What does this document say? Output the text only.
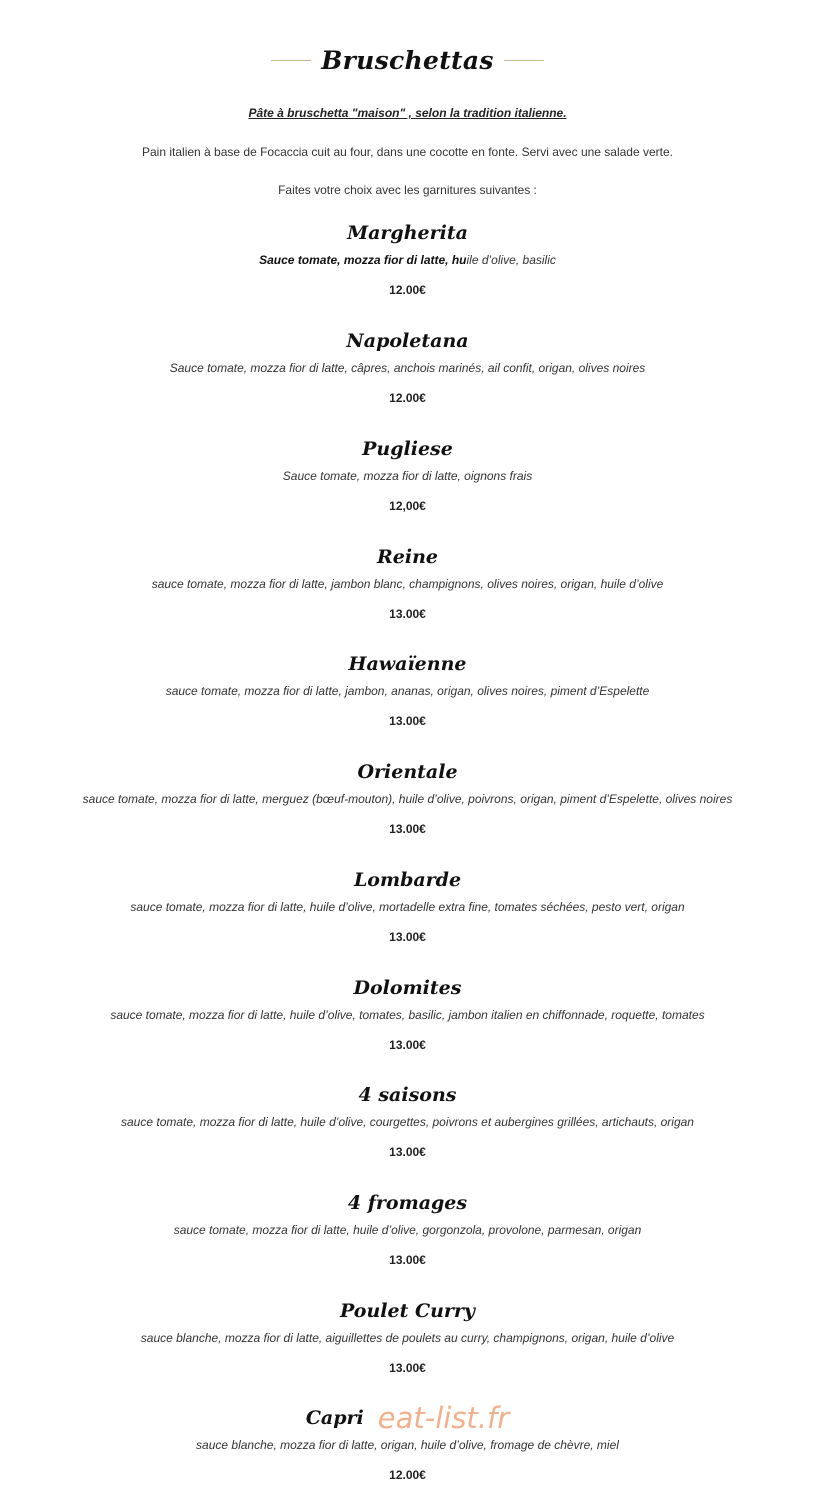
Bruschettas
Pâte à bruschetta "maison" , selon la tradition italienne.
Pain italien à base de Focaccia cuit au four, dans une cocotte en fonte. Servi avec une salade verte.
Faites votre choix avec les garnitures suivantes :
Margherita
Sauce tomate, mozza fior di latte, huile d’olive, basilic
12.00€
Napoletana
Sauce tomate, mozza fior di latte, câpres, anchois marinés, ail confit, origan, olives noires
12.00€
Pugliese
Sauce tomate, mozza fior di latte, oignons frais
12,00€
Reine
sauce tomate, mozza fior di latte, jambon blanc, champignons, olives noires, origan, huile d’olive
13.00€
Hawaïenne
sauce tomate, mozza fior di latte, jambon, ananas, origan, olives noires, piment d’Espelette
13.00€
Orientale
sauce tomate, mozza fior di latte, merguez (bœuf-mouton), huile d’olive, poivrons, origan, piment d’Espelette, olives noires
13.00€
Lombarde
sauce tomate, mozza fior di latte, huile d’olive, mortadelle extra fine, tomates séchées, pesto vert, origan
13.00€
Dolomites
sauce tomate, mozza fior di latte, huile d’olive, tomates, basilic, jambon italien en chiffonnade, roquette, tomates
13.00€
4 saisons
sauce tomate, mozza fior di latte, huile d’olive, courgettes, poivrons et aubergines grillées, artichauts, origan
13.00€
4 fromages
sauce tomate, mozza fior di latte, huile d’olive, gorgonzola, provolone, parmesan, origan
13.00€
Poulet Curry
sauce blanche, mozza fior di latte, aiguillettes de poulets au curry, champignons, origan, huile d’olive
13.00€
Capri eat-list.fr
sauce blanche, mozza fior di latte, origan, huile d’olive, fromage de chèvre, miel
12.00€
